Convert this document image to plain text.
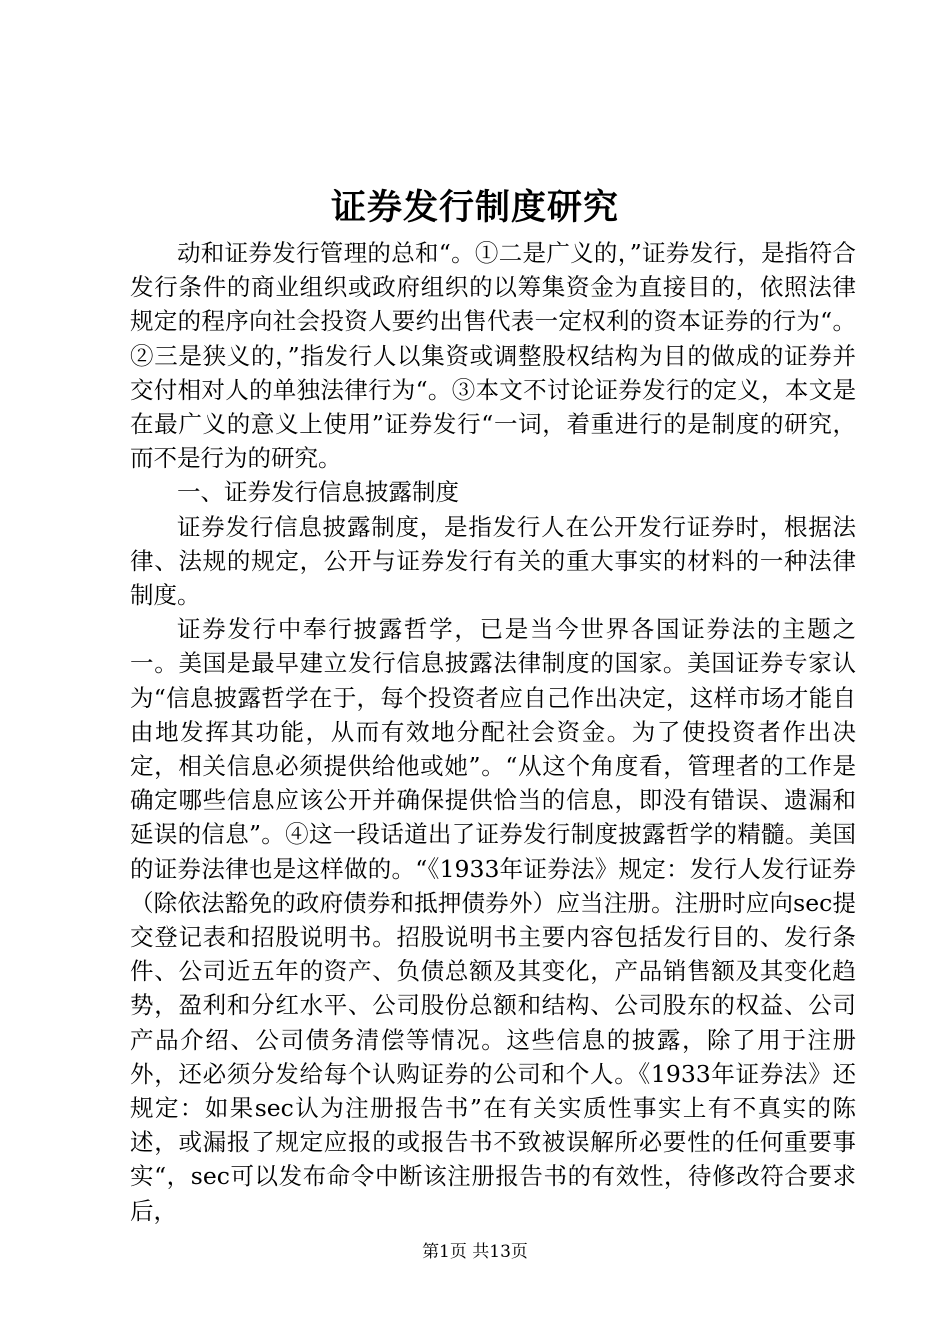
证券发行制度研究

动和证券发行管理的总和“。①二是广义的，”证券发行，是指符合发行条件的商业组织或政府组织的以筹集资金为直接目的，依照法律规定的程序向社会投资人要约出售代表一定权利的资本证券的行为“。②三是狭义的，”指发行人以集资或调整股权结构为目的做成的证券并交付相对人的单独法律行为“。③本文不讨论证券发行的定义，本文是在最广义的意义上使用”证券发行“一词，着重进行的是制度的研究，而不是行为的研究。

一、证券发行信息披露制度

证券发行信息披露制度，是指发行人在公开发行证券时，根据法律、法规的规定，公开与证券发行有关的重大事实的材料的一种法律制度。

证券发行中奉行披露哲学，已是当今世界各国证券法的主题之一。美国是最早建立发行信息披露法律制度的国家。美国证券专家认为“信息披露哲学在于，每个投资者应自己作出决定，这样市场才能自由地发挥其功能，从而有效地分配社会资金。为了使投资者作出决定，相关信息必须提供给他或她”。“从这个角度看，管理者的工作是确定哪些信息应该公开并确保提供恰当的信息，即没有错误、遗漏和延误的信息”。④这一段话道出了证券发行制度披露哲学的精髓。美国的证券法律也是这样做的。“《1933年证券法》规定：发行人发行证券（除依法豁免的政府债券和抵押债券外）应当注册。注册时应向sec提交登记表和招股说明书。招股说明书主要内容包括发行目的、发行条件、公司近五年的资产、负债总额及其变化，产品销售额及其变化趋势，盈利和分红水平、公司股份总额和结构、公司股东的权益、公司产品介绍、公司债务清偿等情况。这些信息的披露，除了用于注册外，还必须分发给每个认购证券的公司和个人。《1933年证券法》还规定：如果sec认为注册报告书”在有关实质性事实上有不真实的陈述，或漏报了规定应报的或报告书不致被误解所必要性的任何重要事实“，sec可以发布命令中断该注册报告书的有效性，待修改符合要求后，

第1页 共13页
